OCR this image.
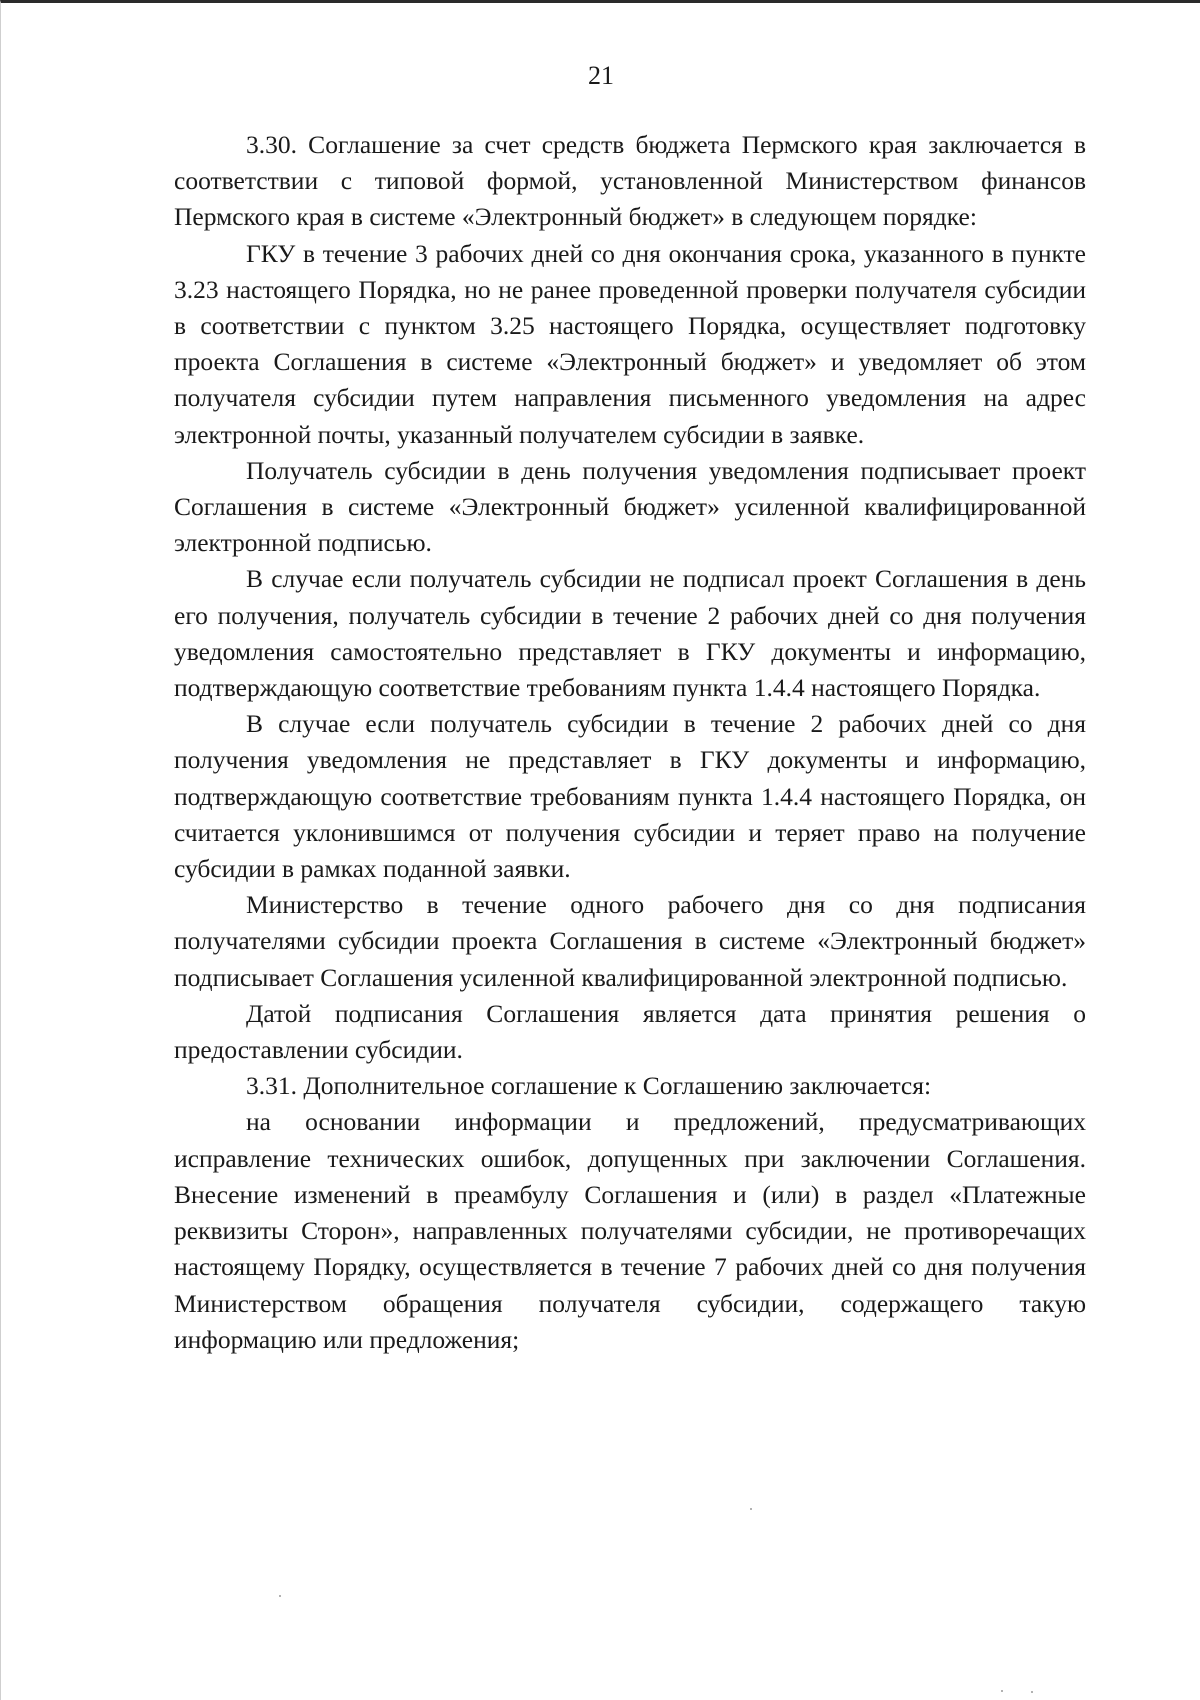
21

3.30. Соглашение за счет средств бюджета Пермского края заключается в соответствии с типовой формой, установленной Министерством финансов Пермского края в системе «Электронный бюджет» в следующем порядке:

ГКУ в течение 3 рабочих дней со дня окончания срока, указанного в пункте 3.23 настоящего Порядка, но не ранее проведенной проверки получателя субсидии в соответствии с пунктом 3.25 настоящего Порядка, осуществляет подготовку проекта Соглашения в системе «Электронный бюджет» и уведомляет об этом получателя субсидии путем направления письменного уведомления на адрес электронной почты, указанный получателем субсидии в заявке.

Получатель субсидии в день получения уведомления подписывает проект Соглашения в системе «Электронный бюджет» усиленной квалифицированной электронной подписью.

В случае если получатель субсидии не подписал проект Соглашения в день его получения, получатель субсидии в течение 2 рабочих дней со дня получения уведомления самостоятельно представляет в ГКУ документы и информацию, подтверждающую соответствие требованиям пункта 1.4.4 настоящего Порядка.

В случае если получатель субсидии в течение 2 рабочих дней со дня получения уведомления не представляет в ГКУ документы и информацию, подтверждающую соответствие требованиям пункта 1.4.4 настоящего Порядка, он считается уклонившимся от получения субсидии и теряет право на получение субсидии в рамках поданной заявки.

Министерство в течение одного рабочего дня со дня подписания получателями субсидии проекта Соглашения в системе «Электронный бюджет» подписывает Соглашения усиленной квалифицированной электронной подписью.

Датой подписания Соглашения является дата принятия решения о предоставлении субсидии.

3.31. Дополнительное соглашение к Соглашению заключается:

на основании информации и предложений, предусматривающих исправление технических ошибок, допущенных при заключении Соглашения. Внесение изменений в преамбулу Соглашения и (или) в раздел «Платежные реквизиты Сторон», направленных получателями субсидии, не противоречащих настоящему Порядку, осуществляется в течение 7 рабочих дней со дня получения Министерством обращения получателя субсидии, содержащего такую информацию или предложения;
